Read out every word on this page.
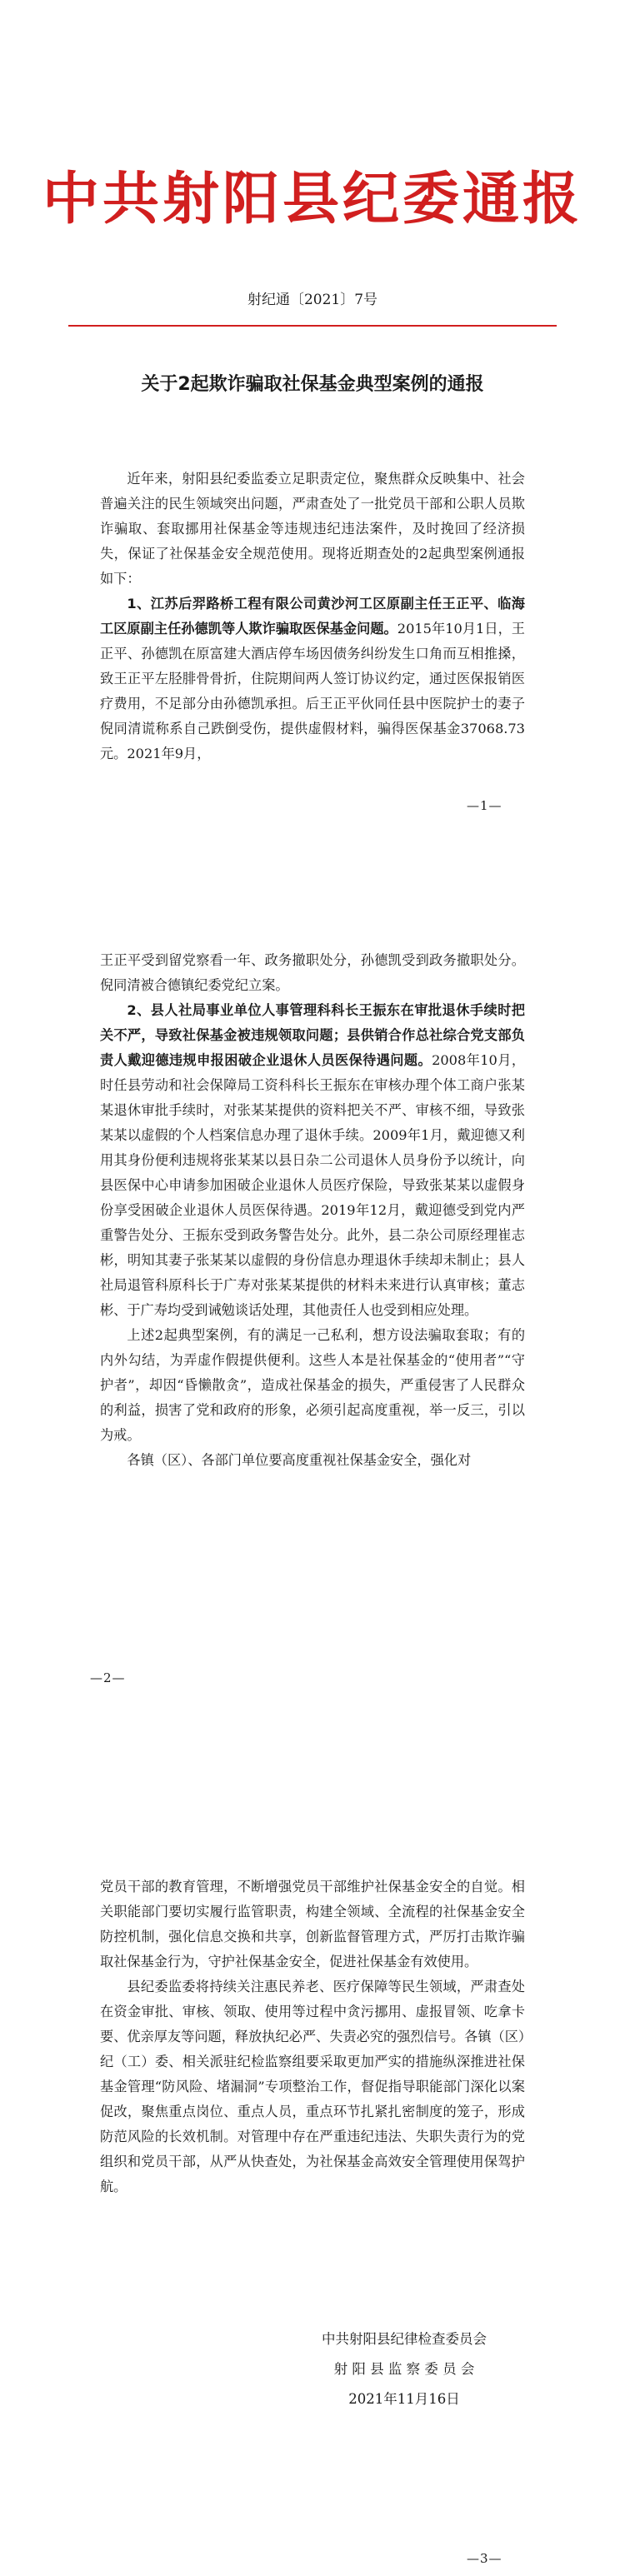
中共射阳县纪委通报
射纪通〔2021〕7号
关于2起欺诈骗取社保基金典型案例的通报

近年来，射阳县纪委监委立足职责定位，聚焦群众反映集中、社会普遍关注的民生领域突出问题，严肃查处了一批党员干部和公职人员欺诈骗取、套取挪用社保基金等违规违纪违法案件，及时挽回了经济损失，保证了社保基金安全规范使用。现将近期查处的2起典型案例通报如下：

1、江苏后羿路桥工程有限公司黄沙河工区原副主任王正平、临海工区原副主任孙德凯等人欺诈骗取医保基金问题。2015年10月1日，王正平、孙德凯在原富建大酒店停车场因债务纠纷发生口角而互相推搡，致王正平左胫腓骨骨折，住院期间两人签订协议约定，通过医保报销医疗费用，不足部分由孙德凯承担。后王正平伙同任县中医院护士的妻子倪同清谎称系自己跌倒受伤，提供虚假材料，骗得医保基金37068.73元。2021年9月，

—1—

王正平受到留党察看一年、政务撤职处分，孙德凯受到政务撤职处分。倪同清被合德镇纪委党纪立案。

2、县人社局事业单位人事管理科科长王振东在审批退休手续时把关不严，导致社保基金被违规领取问题；县供销合作总社综合党支部负责人戴迎德违规申报困破企业退休人员医保待遇问题。2008年10月，时任县劳动和社会保障局工资科科长王振东在审核办理个体工商户张某某退休审批手续时，对张某某提供的资料把关不严、审核不细，导致张某某以虚假的个人档案信息办理了退休手续。2009年1月，戴迎德又利用其身份便利违规将张某某以县日杂二公司退休人员身份予以统计，向县医保中心申请参加困破企业退休人员医疗保险，导致张某某以虚假身份享受困破企业退休人员医保待遇。2019年12月，戴迎德受到党内严重警告处分、王振东受到政务警告处分。此外，县二杂公司原经理崔志彬，明知其妻子张某某以虚假的身份信息办理退休手续却未制止；县人社局退管科原科长于广寿对张某某提供的材料未来进行认真审核；董志彬、于广寿均受到诫勉谈话处理，其他责任人也受到相应处理。

上述2起典型案例，有的满足一己私利，想方设法骗取套取；有的内外勾结，为弄虚作假提供便利。这些人本是社保基金的“使用者”“守护者”，却因“昏懒散贪”，造成社保基金的损失，严重侵害了人民群众的利益，损害了党和政府的形象，必须引起高度重视，举一反三，引以为戒。

各镇（区）、各部门单位要高度重视社保基金安全，强化对

—2—

党员干部的教育管理，不断增强党员干部维护社保基金安全的自觉。相关职能部门要切实履行监管职责，构建全领域、全流程的社保基金安全防控机制，强化信息交换和共享，创新监督管理方式，严厉打击欺诈骗取社保基金行为，守护社保基金安全，促进社保基金有效使用。

县纪委监委将持续关注惠民养老、医疗保障等民生领域，严肃查处在资金审批、审核、领取、使用等过程中贪污挪用、虚报冒领、吃拿卡要、优亲厚友等问题，释放执纪必严、失责必究的强烈信号。各镇（区）纪（工）委、相关派驻纪检监察组要采取更加严实的措施纵深推进社保基金管理“防风险、堵漏洞”专项整治工作，督促指导职能部门深化以案促改，聚焦重点岗位、重点人员，重点环节扎紧扎密制度的笼子，形成防范风险的长效机制。对管理中存在严重违纪违法、失职失责行为的党组织和党员干部，从严从快查处，为社保基金高效安全管理使用保驾护航。

中共射阳县纪律检查委员会
射 阳 县 监 察 委 员 会
2021年11月16日
—3—
